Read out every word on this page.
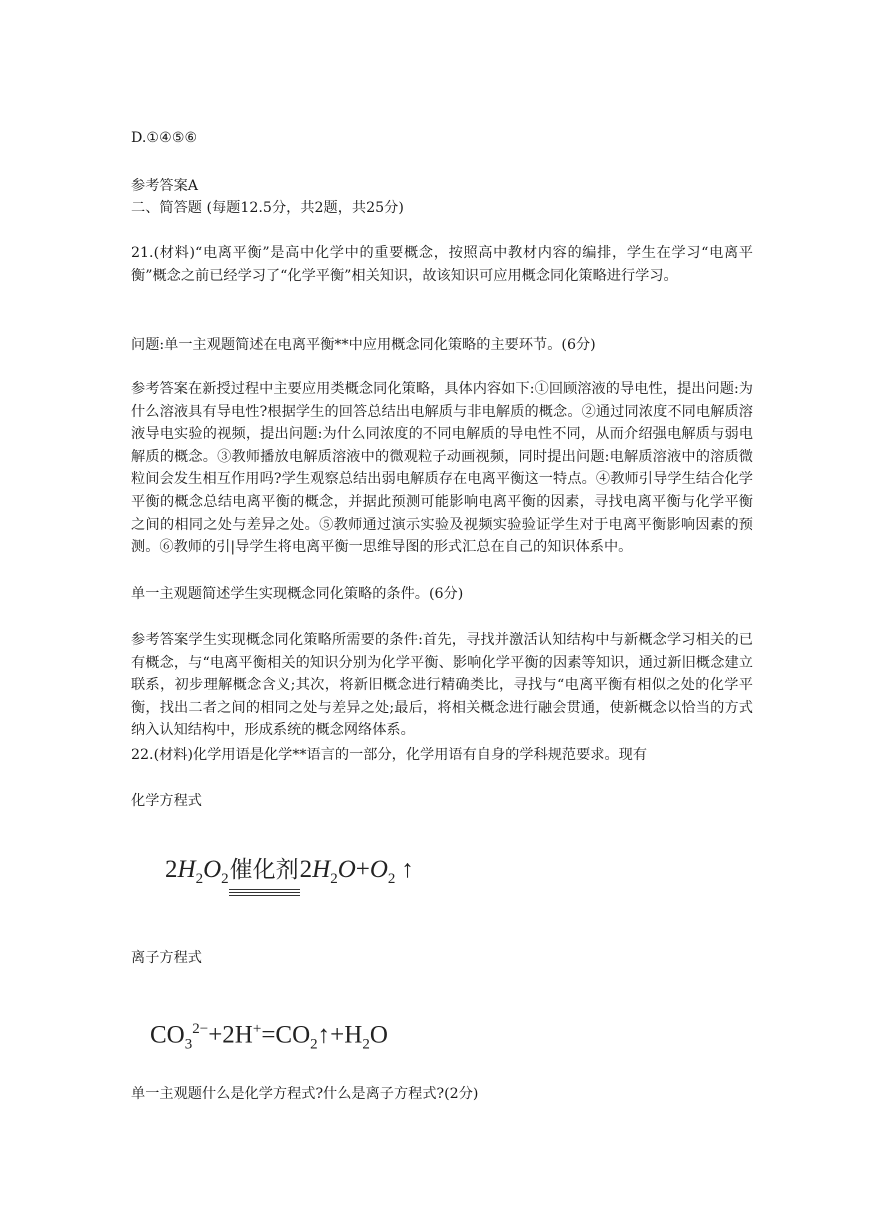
D.①④⑤⑥
参考答案A
二、简答题 (每题12.5分，共2题，共25分)
21.(材料)“电离平衡”是高中化学中的重要概念，按照高中教材内容的编排，学生在学习“电离平衡”概念之前已经学习了“化学平衡”相关知识，故该知识可应用概念同化策略进行学习。
问题:单一主观题简述在电离平衡**中应用概念同化策略的主要环节。(6分)
参考答案在新授过程中主要应用类概念同化策略，具体内容如下:①回顾溶液的导电性，提出问题:为什么溶液具有导电性?根据学生的回答总结出电解质与非电解质的概念。②通过同浓度不同电解质溶液导电实验的视频，提出问题:为什么同浓度的不同电解质的导电性不同，从而介绍强电解质与弱电解质的概念。③教师播放电解质溶液中的微观粒子动画视频，同时提出问题:电解质溶液中的溶质微粒间会发生相互作用吗?学生观察总结出弱电解质存在电离平衡这一特点。④教师引导学生结合化学平衡的概念总结电离平衡的概念，并据此预测可能影响电离平衡的因素，寻找电离平衡与化学平衡之间的相同之处与差异之处。⑤教师通过演示实验及视频实验验证学生对于电离平衡影响因素的预测。⑥教师的引|导学生将电离平衡一思维导图的形式汇总在自己的知识体系中。
单一主观题简述学生实现概念同化策略的条件。(6分)
参考答案学生实现概念同化策略所需要的条件:首先，寻找并激活认知结构中与新概念学习相关的已有概念，与“电离平衡相关的知识分别为化学平衡、影响化学平衡的因素等知识，通过新旧概念建立联系，初步理解概念含义;其次，将新旧概念进行精确类比，寻找与“电离平衡有相似之处的化学平衡，找出二者之间的相同之处与差异之处;最后，将相关概念进行融会贯通，使新概念以恰当的方式纳入认知结构中，形成系统的概念网络体系。
22.(材料)化学用语是化学**语言的一部分，化学用语有自身的学科规范要求。现有
化学方程式
$2H_2O_2$催化剂$2H_2O+O_2$ ↑
离子方程式
$CO_3^{2-}+2H^+=CO_2↑+H_2O$
单一主观题什么是化学方程式?什么是离子方程式?(2分)
